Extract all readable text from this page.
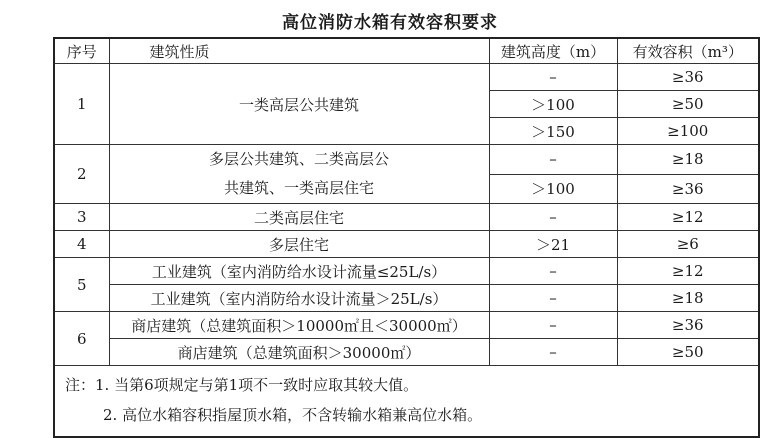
高位消防水箱有效容积要求
序号	建筑性质	建筑高度（m）	有效容积（m³）
1	一类高层公共建筑	–	≥36
		＞100	≥50
		＞150	≥100
2	多层公共建筑、二类高层公
共建筑、一类高层住宅	–	≥18
		＞100	≥36
3	二类高层住宅	–	≥12
4	多层住宅	＞21	≥6
5	工业建筑（室内消防给水设计流量≤25L/s）	–	≥12
	工业建筑（室内消防给水设计流量＞25L/s）	–	≥18
6	商店建筑（总建筑面积＞10000㎡且＜30000㎡）	–	≥36
	商店建筑（总建筑面积＞30000㎡）	–	≥50

注：1. 当第6项规定与第1项不一致时应取其较大值。
2. 高位水箱容积指屋顶水箱，不含转输水箱兼高位水箱。			
